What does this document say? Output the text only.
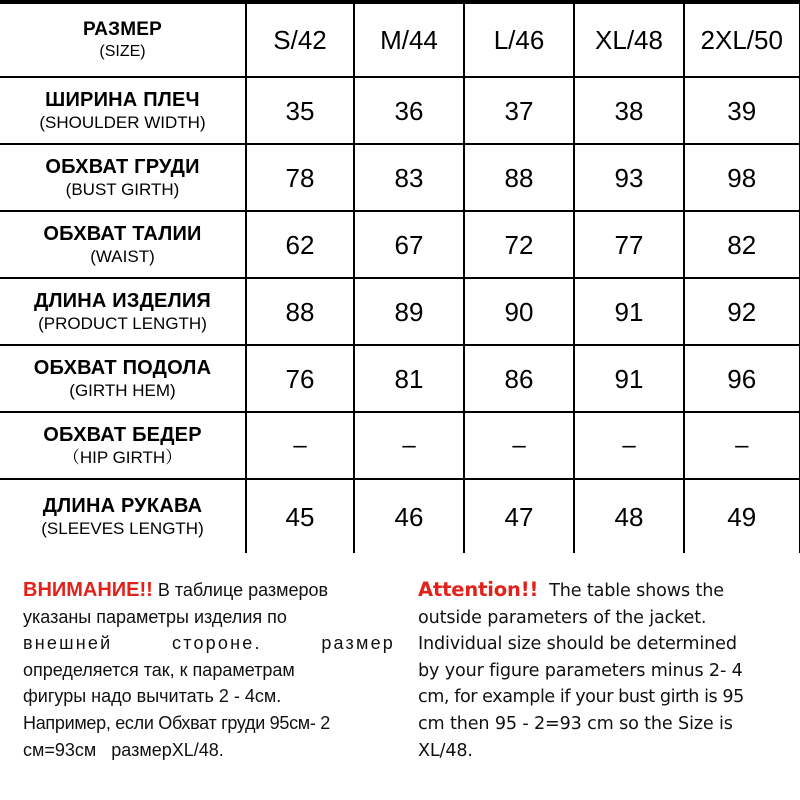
РАЗМЕР
(SIZE)	S/42	M/44	L/46	XL/48	2XL/50

ШИРИНА ПЛЕЧ
(SHOULDER WIDTH)	35	36	37	38	39

ОБХВАТ ГРУДИ
(BUST GIRTH)	78	83	88	93	98

ОБХВАТ ТАЛИИ
(WAIST)	62	67	72	77	82

ДЛИНА ИЗДЕЛИЯ
(PRODUCT LENGTH)	88	89	90	91	92

ОБХВАТ ПОДОЛА
(GIRTH HEM)	76	81	86	91	96

ОБХВАТ БЕДЕР
（HIP GIRTH）	–	–	–	–	–

ДЛИНА РУКАВА
(SLEEVES LENGTH)	45	46	47	48	49
ВНИМАНИЕ!! В таблице размеров
указаны параметры изделия по
внешней стороне. размер
определяется так, к параметрам
фигуры надо вычитать 2 - 4см.
Например, если Обхват груди 95см- 2
см=93см   размерXL/48.
Attention!!  The table shows the
outside parameters of the jacket.
Individual size should be determined
by your figure parameters minus 2- 4
cm, for example if your bust girth is 95
cm then 95 - 2=93 cm so the Size is
XL/48.
